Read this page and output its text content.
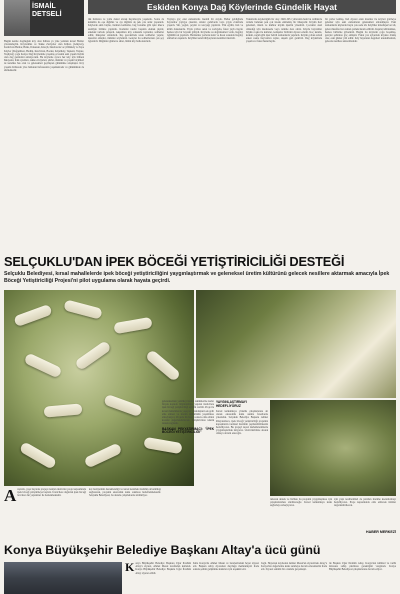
İSMAİL DETSELİ
Bugün kentte doğduğum köy olan Kilisre ya yine yeniden kırsal Hanlar yöresindeyim. Köylerimiz ve Tekke Zaviyeler olan Kilisra (Gökyurt), Kızılviran Hanlar, Balkı, Dokuzun, Kireçli, Derebucak ve Çiftlikköy ve Tepe Köyler (Doğanhisar, Hadim, Kızılviran, Bozkır, Köprüköy, Taşkent, Yarpuz, Yeşilyurt) çoğu Konya Dağ Köylerinde yaşamış çevrenin eski yaşam biçimi olan dağ gezilerini anlatıyorum. Bu köylerde ayrıca her köy için bilinen hikayeler, halk oyunları, tekke zaviyeleri, şiirler, türküler ve yaşam biçimleri de kendine has olan ve gelenekleri geçmişten günümüze ulaşmıştır. Köy yaşamı Kilisrede yöre halkının hafızasında yaşamaktadır ve günümüzde de sürmektedir.
Eskiden Konya Dağ Köylerinde Gündelik Hayat
tük hallarını ve yollu dokul alarak hayatlarıyla yaşanırdı. Sonra da kulumla da eşe diğimiz ve ayı diğimiz de pek çok anlar yaşanırdı. Köylerde ekin biçme, harman kaldırma, bağ bozumu gibi işler imece usulüyle birlikte yapılırdı. Kadınlar tandır başında ekmek pişirir, erkekler tarlada çalışırdı. Akşamları köy odasında toplanılır, sohbetler edilir, hikayeler anlatılırdı. Kış gecelerinde uzun sohbetler yapılır, masallar anlatılır, türküler söylenirdi. Gençler bu sohbetlerden çok şey öğrenirdi. Düğünler günlerce sürer, bütün köy halkı katılırdı.
Yaylaya göç eski zamanlarda önemli bir olaydı. Bahar geldiğinde hayvanlar yaylaya çıkarılır, aileler çadırlarda veya yayla evlerinde yaşardı. Süt, yoğurt, peynir ve tereyağı yapılırdı. Yün eğrilir, halı ve kilim dokunurdu. Yayla yolları uzun ve zorluydu, fakat yayla hayatı herkes için bir bayram gibiydi. Köylerde su değirmenleri vardı, buğday öğütülür un yapılırdı. Harmanlar yerlerde kalır ve hasat sonunda buğday ambarlara taşınırdı. Köylüler kendi ihtiyaçlarını kendileri üretirdi.
Yakınlarda kaydettiğim bir olay 1948-1951 yıllarında hem bu tarihlerde tarlada bulunan pek çok insanı etkilemiş bir hikayedir. Köyün ileri gelenleri, imam ve muhtar köyün işlerini yönetirdi. Çocuklar okul olmadığı için medresede veya camide ders alırdı. Köyde bayramlar büyük coşku ile kutlanır, komşular birbirini ziyaret ederdi. Koç katımı, kırkım, sağım gibi işler belirli zamanlarda yapılırdı. Köyün çobanı sabah erken saatte hayvanları toplar, akşam geri getirirdi. Dağ köylerinde yaşam zor fakat huzurluydu.
bir yerler kalmış, bizi ziyaret eden insanlar ile köyleri görmeye gelenler için eski zamanların gelenekleri anlatılmıştır. Eski zamanlarda köylerde hayat çok sade idi. Köylüler misafirperver idi, gelen misafire her zaman yemek ikram edilirdi. Kapılar kilitlenmez, herkes birbirine güvenirdi. Bugün bu köylerin çoğu boşalmış, gençler şehirlere göç etmiştir. Fakat yaz aylarında köylere dönüş olur, eski günler yâd edilir. Köy hayatının değerleri unutulmamalı, gelecek nesillere aktarılmalıdır.
SELÇUKLU'DAN İPEK BÖCEĞİ YETİŞTİRİCİLİĞİ DESTEĞİ
Selçuklu Belediyesi, kırsal mahallelerde ipek böceği yetiştiriciliğini yaygınlaştırmak ve geleneksel üretim kültürünü gelecek nesillere aktarmak amacıyla İpek Böceği Yetiştiriciliği Projesi'ni pilot uygulama olarak hayata geçirdi.
A raştırılı, yaşa bayarak projeye katılan üreticiler proje kapsamında ipek böceği yetiştirmeye başladı. Üreticilere dağıtılan ipek böceği larvaları dut yaprakları ile beslenmektedir.
kol faaliyetinin desteklendiği ve kırsal kesimde üretimin devamlılığı sağlanarak, projenin ekonomik katkı sunması hedeflenmektedir. Selçuklu Belediyesi, bu alanda çalışmalarını sürdürüyor.
gelenekselden yenilikçi üretim tekniklerine kadar birçok konuda bilgilendirme yapılan üreticilere ipek böceği yetiştiriciliği eğitimi verildi. Proje ile kırsal mahallelerde yaşayan vatandaşların ek gelir elde etmesi ve üretim kültürünün yaşatılması amaçlanıyor. Projede ilk hasat sonucu elde edilen kozalar değerlendirilecek. Yetiştiricilere teknik destek sağlandı.
BASKAN PEKYATIRMACI: "İPEK BÖCEĞİ YETİŞTİRİCİLİĞİ"
YAYGINLAŞTIRMAYI HEDEFLİYORUZ
Kırsal kalkınmaya yönelik çalışmalarına ait olarak ekonomik katkı sunma fırsatlarını yakaladık. Selçuklu Belediye Başkanı Ahmet Pekyatırmacı, ipek böceği yetiştiriciliği projemiz kapsamında tarımsal üretimin çeşitlendirilmesini hedefliyoruz. Bu projeyi kırsal mahallelerimizde yaygınlaştırmak istiyoruz. Üreticilerimize destek olmaya devam edeceğiz.
tırkarak destek ve birlikte bu projenin yaygınlaşması için çalışmalarımızı sürdüreceğiz. Kırsal kalkınmaya katkı sağlamayı amaçlıyoruz.
için yaşlı nesillerimizi de yeniden üretime kazandırmayı hedefliyoruz. Proje kapsamında elde edilecek ürünler değerlendirilecek.
HABER MERKEZİ
Konya Büyükşehir Belediye Başkanı Altay'a ücü günü
K onya Büyükşehir Belediye Başkanı Uğur İbrahim Altay'a ziyaret, Ahmet Mesut tarafından kutlandı. Konya Büyükşehir Belediye Başkanı Uğur İbrahim Altay ziyaret edildi.
hafta Konya'da Ahmet Mesut ve beraberindeki heyet ziyaret etti. Başkan Altay ziyaretten duyduğu memnuniyeti ifade ederek şehrin gelişimine katkıları için teşekkür etti.
bağlı. Heyetten kaybeden Ahmet Mesut'un ziyaretinde Altay'a Konya'nın değerlerine katkı sunmaya devam edeceklerini ifade etti. Ziyaret samimi bir ortamda gerçekleşti.
ile Başkan Uğur İbrahim Altay, Konya'nın kültürel ve tarihi mirasına sahip çıkılması gerektiğini vurguladı. Konya Büyükşehir Belediyesi çalışmalarına devam ediyor.
